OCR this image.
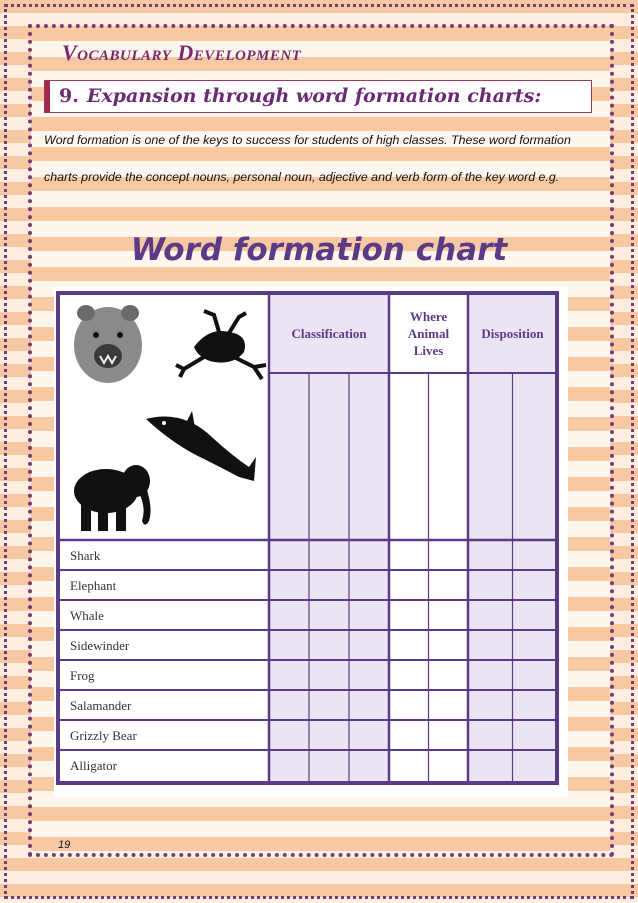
Vocabulary Development
9. Expansion through word formation charts:

Word formation is one of the keys to success for students of high classes. These word formation charts provide the concept nouns, personal noun, adjective and verb form of the key word e.g.

Word formation chart
Classification
Where
Animal
Lives
Disposition
Shark
Elephant
Whale
Sidewinder
Frog
Salamander
Grizzly Bear
Alligator

19
